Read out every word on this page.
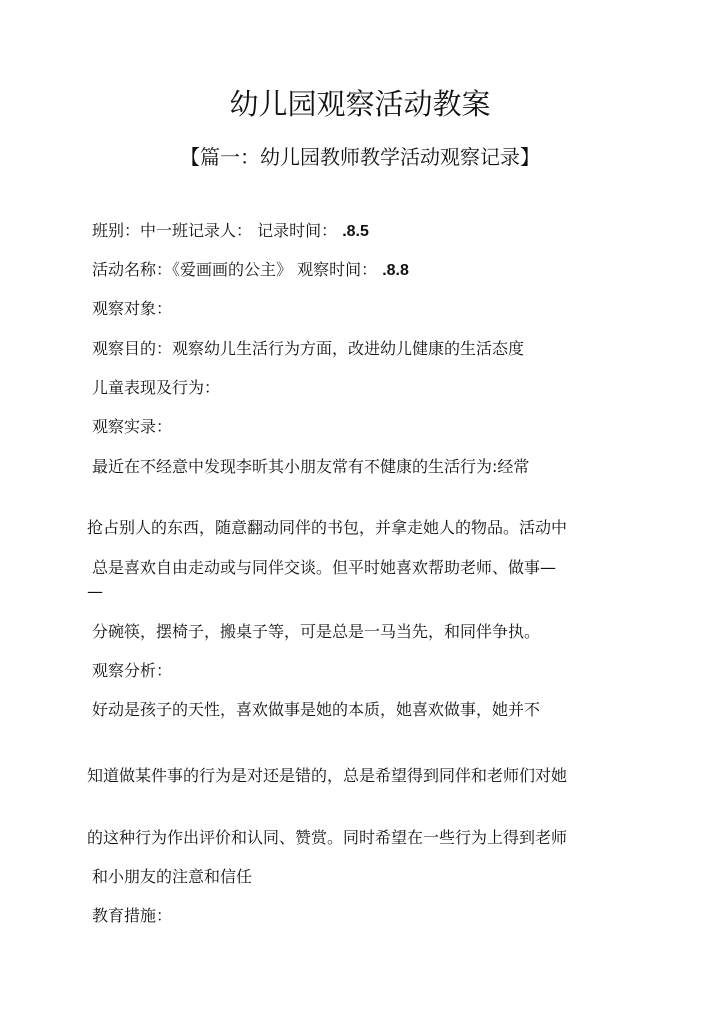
幼儿园观察活动教案
【篇一：幼儿园教师教学活动观察记录】
班别：中一班记录人： 记录时间： .8.5
活动名称：《爱画画的公主》 观察时间： .8.8
观察对象：
观察目的：观察幼儿生活行为方面，改进幼儿健康的生活态度
儿童表现及行为：
观察实录：
最近在不经意中发现李昕其小朋友常有不健康的生活行为:经常
抢占别人的东西，随意翻动同伴的书包，并拿走她人的物品。活动中
总是喜欢自由走动或与同伴交谈。但平时她喜欢帮助老师、做事—
—
分碗筷，摆椅子，搬桌子等，可是总是一马当先，和同伴争执。
观察分析：
好动是孩子的天性，喜欢做事是她的本质，她喜欢做事，她并不
知道做某件事的行为是对还是错的，总是希望得到同伴和老师们对她
的这种行为作出评价和认同、赞赏。同时希望在一些行为上得到老师
和小朋友的注意和信任
教育措施：
